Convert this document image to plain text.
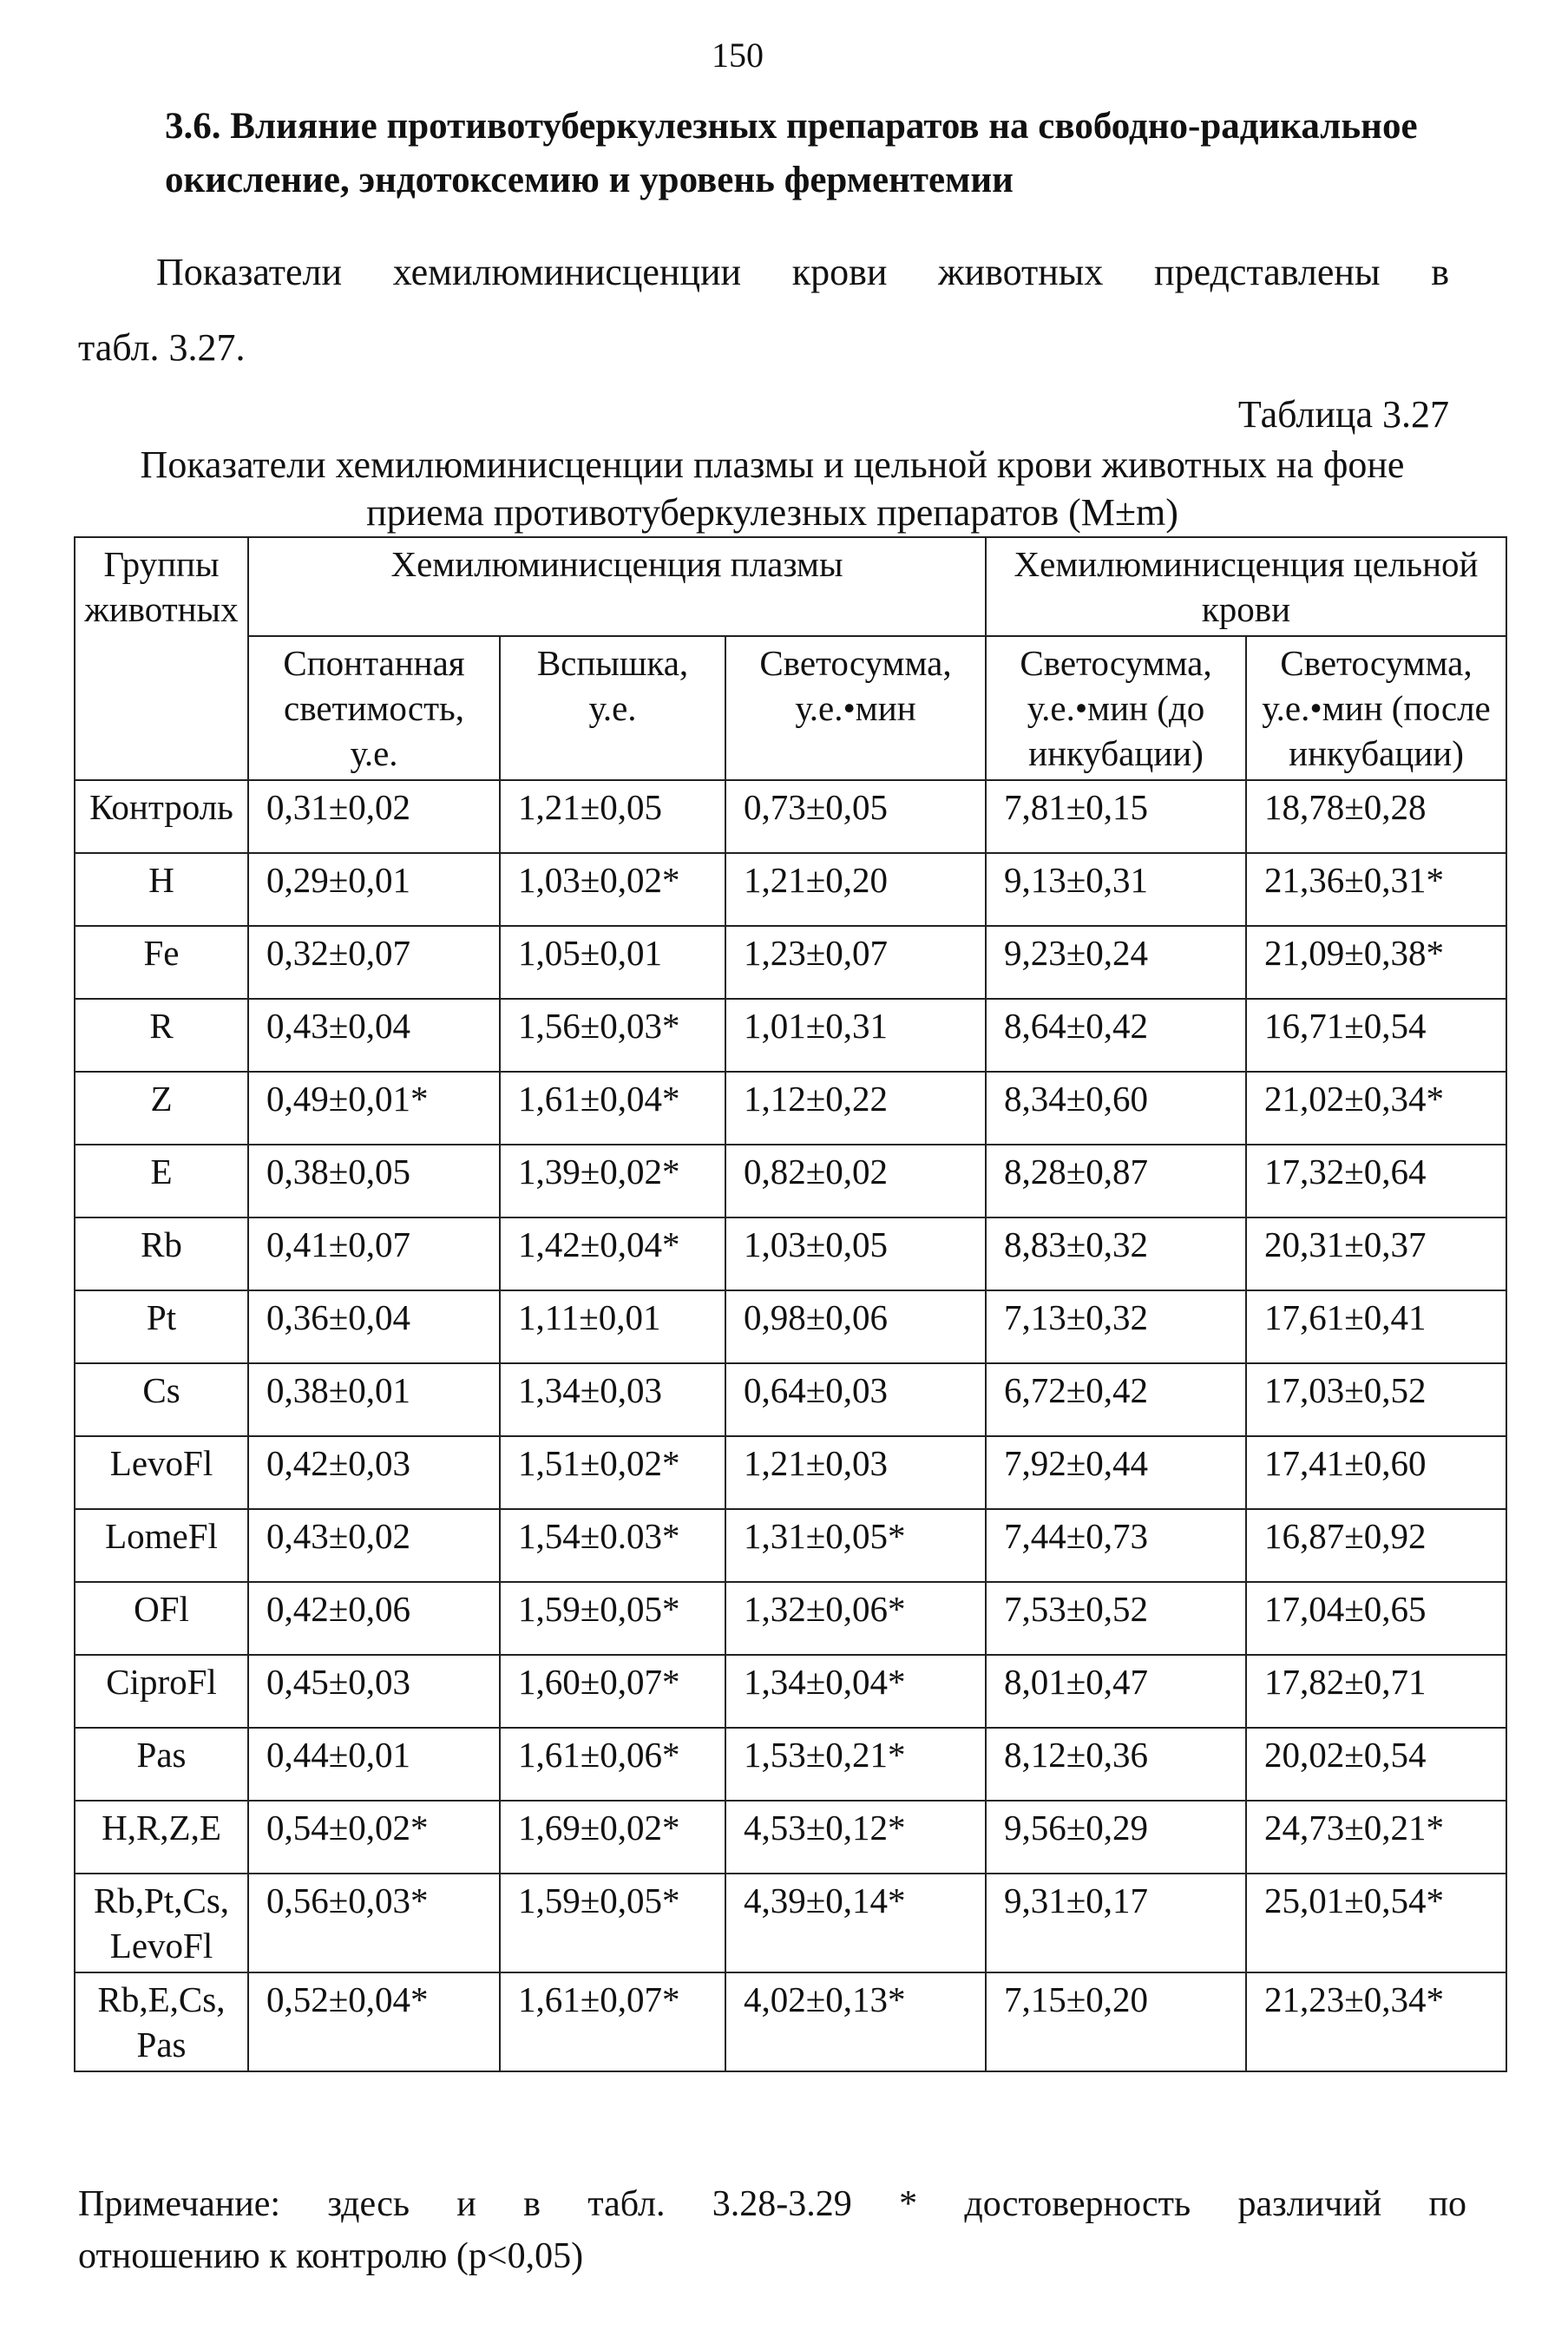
150
3.6. Влияние противотуберкулезных препаратов на свободно-радикальное окисление, эндотоксемию и уровень ферментемии
Показатели хемилюминисценции крови животных представлены в
табл. 3.27.
Таблица 3.27
Показатели хемилюминисценции плазмы и цельной крови животных на фоне приема противотуберкулезных препаратов (M±m)
Группы животных	Хемилюминисценция плазмы			Хемилюминисценция цельной крови	
	Спонтанная светимость, у.е.	Вспышка, у.е.	Светосумма, у.е.•мин	Светосумма, у.е.•мин (до инкубации)	Светосумма, у.е.•мин (после инкубации)
Контроль	0,31±0,02	1,21±0,05	0,73±0,05	7,81±0,15	18,78±0,28
H	0,29±0,01	1,03±0,02*	1,21±0,20	9,13±0,31	21,36±0,31*
Fe	0,32±0,07	1,05±0,01	1,23±0,07	9,23±0,24	21,09±0,38*
R	0,43±0,04	1,56±0,03*	1,01±0,31	8,64±0,42	16,71±0,54
Z	0,49±0,01*	1,61±0,04*	1,12±0,22	8,34±0,60	21,02±0,34*
E	0,38±0,05	1,39±0,02*	0,82±0,02	8,28±0,87	17,32±0,64
Rb	0,41±0,07	1,42±0,04*	1,03±0,05	8,83±0,32	20,31±0,37
Pt	0,36±0,04	1,11±0,01	0,98±0,06	7,13±0,32	17,61±0,41
Cs	0,38±0,01	1,34±0,03	0,64±0,03	6,72±0,42	17,03±0,52
LevoFl	0,42±0,03	1,51±0,02*	1,21±0,03	7,92±0,44	17,41±0,60
LomeFl	0,43±0,02	1,54±0.03*	1,31±0,05*	7,44±0,73	16,87±0,92
OFl	0,42±0,06	1,59±0,05*	1,32±0,06*	7,53±0,52	17,04±0,65
CiproFl	0,45±0,03	1,60±0,07*	1,34±0,04*	8,01±0,47	17,82±0,71
Pas	0,44±0,01	1,61±0,06*	1,53±0,21*	8,12±0,36	20,02±0,54
H,R,Z,E	0,54±0,02*	1,69±0,02*	4,53±0,12*	9,56±0,29	24,73±0,21*
Rb,Pt,Cs, LevoFl	0,56±0,03*	1,59±0,05*	4,39±0,14*	9,31±0,17	25,01±0,54*
Rb,E,Cs, Pas	0,52±0,04*	1,61±0,07*	4,02±0,13*	7,15±0,20	21,23±0,34*
Примечание: здесь и в табл. 3.28-3.29 * достоверность различий по
отношению к контролю (p<0,05)
